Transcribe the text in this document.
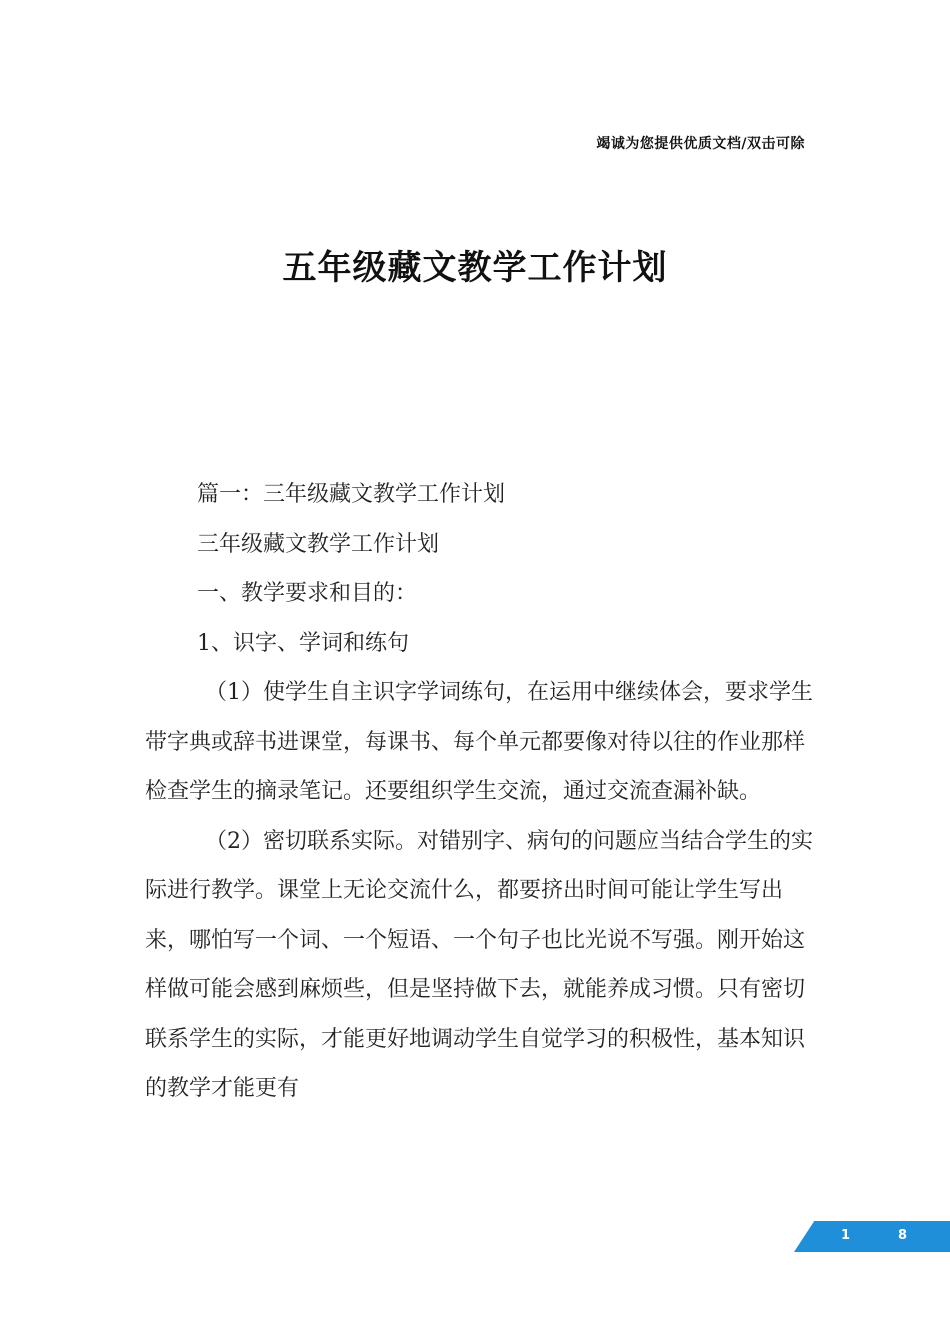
竭诚为您提供优质文档/双击可除
五年级藏文教学工作计划

篇一：三年级藏文教学工作计划

三年级藏文教学工作计划

一、教学要求和目的：

1、识字、学词和练句

（1）使学生自主识字学词练句，在运用中继续体会，要求学生带字典或辞书进课堂，每课书、每个单元都要像对待以往的作业那样检查学生的摘录笔记。还要组织学生交流，通过交流查漏补缺。

（2）密切联系实际。对错别字、病句的问题应当结合学生的实际进行教学。课堂上无论交流什么，都要挤出时间可能让学生写出来，哪怕写一个词、一个短语、一个句子也比光说不写强。刚开始这样做可能会感到麻烦些，但是坚持做下去，就能养成习惯。只有密切联系学生的实际，才能更好地调动学生自觉学习的积极性，基本知识的教学才能更有

1	8
